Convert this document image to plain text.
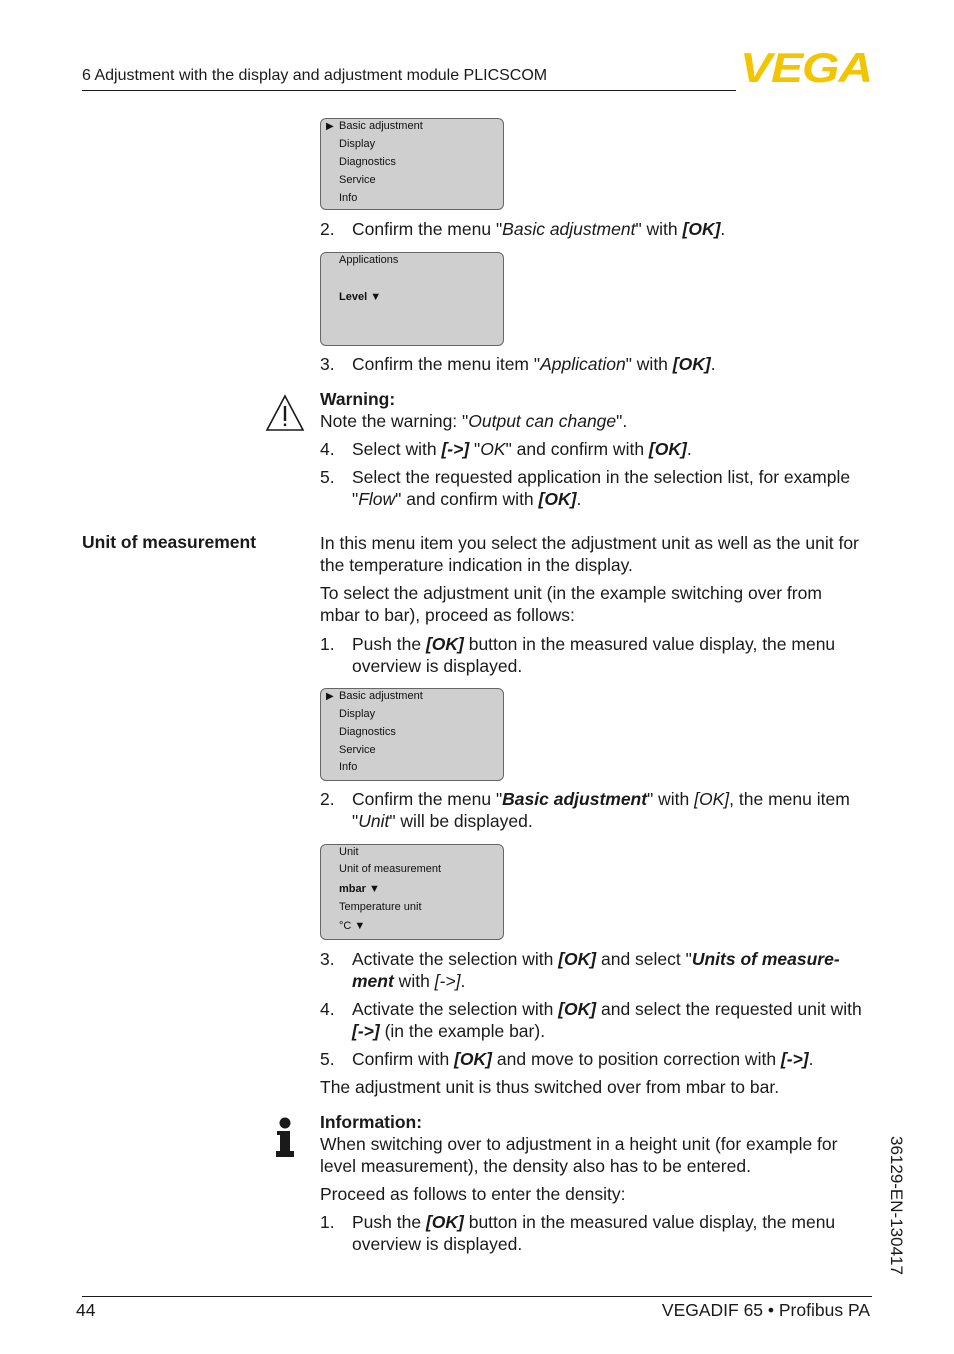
6 Adjustment with the display and adjustment module PLICSCOM	VEGA
▶ Basic adjustment
Display
Diagnostics
Service
Info
2. Confirm the menu "Basic adjustment" with [OK].
Applications
Level ▼
3. Confirm the menu item "Application" with [OK].
Warning:
Note the warning: "Output can change".
4. Select with [->] "OK" and confirm with [OK].
5. Select the requested application in the selection list, for example
"Flow" and confirm with [OK].
Unit of measurement	In this menu item you select the adjustment unit as well as the unit for
the temperature indication in the display.
To select the adjustment unit (in the example switching over from
mbar to bar), proceed as follows:
1. Push the [OK] button in the measured value display, the menu
overview is displayed.
▶ Basic adjustment
Display
Diagnostics
Service
Info
2. Confirm the menu "Basic adjustment" with [OK], the menu item
"Unit" will be displayed.
Unit
Unit of measurement
mbar ▼
Temperature unit
°C ▼
3. Activate the selection with [OK] and select "Units of measure-
ment with [->].
4. Activate the selection with [OK] and select the requested unit with
[->] (in the example bar).
5. Confirm with [OK] and move to position correction with [->].
The adjustment unit is thus switched over from mbar to bar.
Information:
When switching over to adjustment in a height unit (for example for
level measurement), the density also has to be entered.
Proceed as follows to enter the density:
1. Push the [OK] button in the measured value display, the menu
overview is displayed.	36129-EN-130417
44	VEGADIF 65 • Profibus PA
